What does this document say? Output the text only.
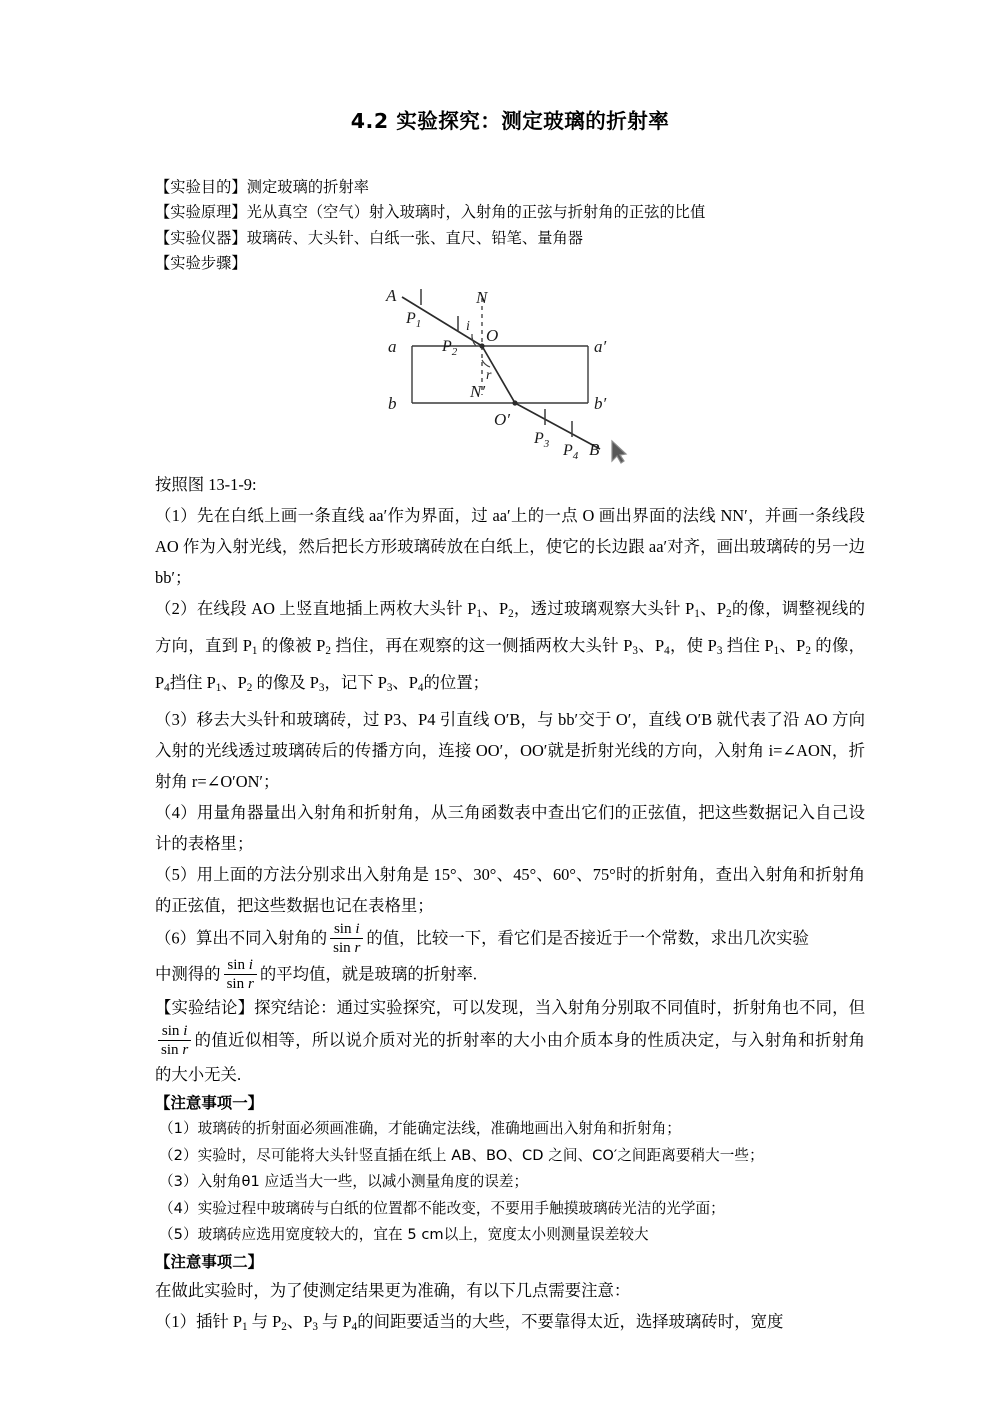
4.2 实验探究：测定玻璃的折射率
【实验目的】测定玻璃的折射率
【实验原理】光从真空（空气）射入玻璃时，入射角的正弦与折射角的正弦的比值
【实验仪器】玻璃砖、大头针、白纸一张、直尺、铅笔、量角器
【实验步骤】
A	N
O
i
r
N′
a	a′
b	b′
O′
$P_1$
$P_2$
$P_3$ $P_4$ B

按照图 13-1-9:

（1）先在白纸上画一条直线 aa′作为界面，过 aa′上的一点 O 画出界面的法线 NN′，并画一条线段 AO 作为入射光线，然后把长方形玻璃砖放在白纸上，使它的长边跟 aa′对齐，画出玻璃砖的另一边 bb′；

（2）在线段 AO 上竖直地插上两枚大头针 $P_1$、$P_2$，透过玻璃观察大头针 $P_1$、$P_2$的像，调整视线的方向，直到 $P_1$ 的像被 $P_2$ 挡住，再在观察的这一侧插两枚大头针 $P_3$、$P_4$，使 $P_3$ 挡住 $P_1$、$P_2$ 的像，$P_4$挡住 $P_1$、$P_2$ 的像及 $P_3$，记下 $P_3$、$P_4$的位置；

（3）移去大头针和玻璃砖，过 P3、P4 引直线 O′B，与 bb′交于 O′，直线 O′B 就代表了沿 AO 方向入射的光线透过玻璃砖后的传播方向，连接 OO′，OO′就是折射光线的方向，入射角 i=∠AON，折射角 r=∠O′ON′；

（4）用量角器量出入射角和折射角，从三角函数表中查出它们的正弦值，把这些数据记入自己设计的表格里；

（5）用上面的方法分别求出入射角是 15°、30°、45°、60°、75°时的折射角，查出入射角和折射角的正弦值，把这些数据也记在表格里；

（6）算出不同入射角的 $\frac{\text{sin i}}{\text{sin r}}$ 的值，比较一下，看它们是否接近于一个常数，求出几次实验

中测得的 $\frac{\text{sin i}}{\text{sin r}}$ 的平均值，就是玻璃的折射率.

【实验结论】探究结论：通过实验探究，可以发现，当入射角分别取不同值时，折射角也不同，但
$\frac{\text{sin i}}{\text{sin r}}$ 的值近似相等，所以说介质对光的折射率的大小由介质本身的性质决定，与入射角和折射角的大小无关.

【注意事项一】

（1）玻璃砖的折射面必须画准确，才能确定法线，准确地画出入射角和折射角；

（2）实验时，尽可能将大头针竖直插在纸上 AB、BO、CD 之间、CO′之间距离要稍大一些；

（3）入射角θ1 应适当大一些，以减小测量角度的误差；

（4）实验过程中玻璃砖与白纸的位置都不能改变，不要用手触摸玻璃砖光洁的光学面；

（5）玻璃砖应选用宽度较大的，宜在 5 cm以上，宽度太小则测量误差较大

【注意事项二】

在做此实验时，为了使测定结果更为准确，有以下几点需要注意：

（1）插针 $P_1$ 与 $P_2$、$P_3$ 与 $P_4$的间距要适当的大些，不要靠得太近，选择玻璃砖时，宽度
